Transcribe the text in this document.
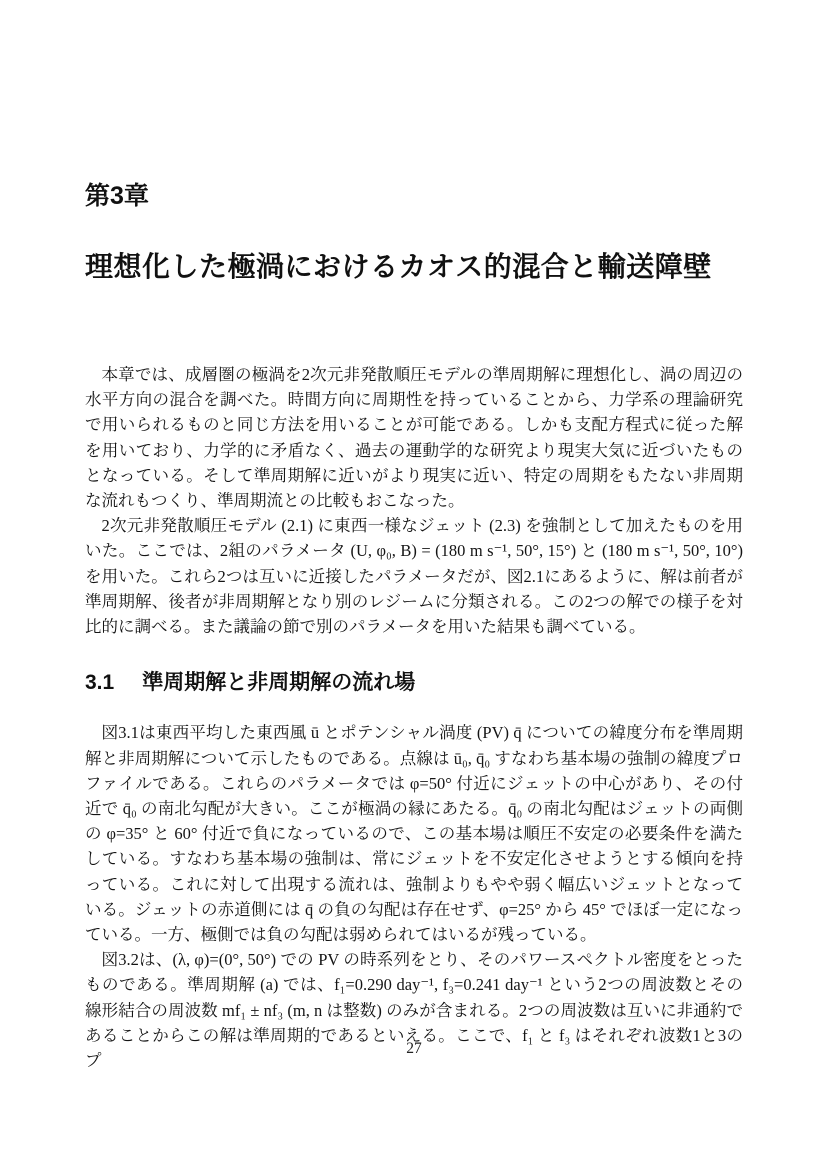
第3章
理想化した極渦におけるカオス的混合と輸送障壁

本章では、成層圏の極渦を2次元非発散順圧モデルの準周期解に理想化し、渦の周辺の水平方向の混合を調べた。時間方向に周期性を持っていることから、力学系の理論研究で用いられるものと同じ方法を用いることが可能である。しかも支配方程式に従った解を用いており、力学的に矛盾なく、過去の運動学的な研究より現実大気に近づいたものとなっている。そして準周期解に近いがより現実に近い、特定の周期をもたない非周期な流れもつくり、準周期流との比較もおこなった。

2次元非発散順圧モデル (2.1) に東西一様なジェット (2.3) を強制として加えたものを用いた。ここでは、2組のパラメータ (U, φ₀, B) = (180 m s⁻¹, 50°, 15°) と (180 m s⁻¹, 50°, 10°) を用いた。これら2つは互いに近接したパラメータだが、図2.1にあるように、解は前者が準周期解、後者が非周期解となり別のレジームに分類される。この2つの解での様子を対比的に調べる。また議論の節で別のパラメータを用いた結果も調べている。

3.1 準周期解と非周期解の流れ場

図3.1は東西平均した東西風 ū とポテンシャル渦度 (PV) q̄ についての緯度分布を準周期解と非周期解について示したものである。点線は ū₀, q̄₀ すなわち基本場の強制の緯度プロファイルである。これらのパラメータでは φ=50° 付近にジェットの中心があり、その付近で q̄₀ の南北勾配が大きい。ここが極渦の縁にあたる。q̄₀ の南北勾配はジェットの両側の φ=35° と 60° 付近で負になっているので、この基本場は順圧不安定の必要条件を満たしている。すなわち基本場の強制は、常にジェットを不安定化させようとする傾向を持っている。これに対して出現する流れは、強制よりもやや弱く幅広いジェットとなっている。ジェットの赤道側には q̄ の負の勾配は存在せず、φ=25° から 45° でほぼ一定になっている。一方、極側では負の勾配は弱められてはいるが残っている。

図3.2は、(λ, φ)=(0°, 50°) での PV の時系列をとり、そのパワースペクトル密度をとったものである。準周期解 (a) では、f₁=0.290 day⁻¹, f₃=0.241 day⁻¹ という2つの周波数とその線形結合の周波数 mf₁ ± nf₃ (m, n は整数) のみが含まれる。2つの周波数は互いに非通約であることからこの解は準周期的であるといえる。ここで、f₁ と f₃ はそれぞれ波数1と3のプ

27
